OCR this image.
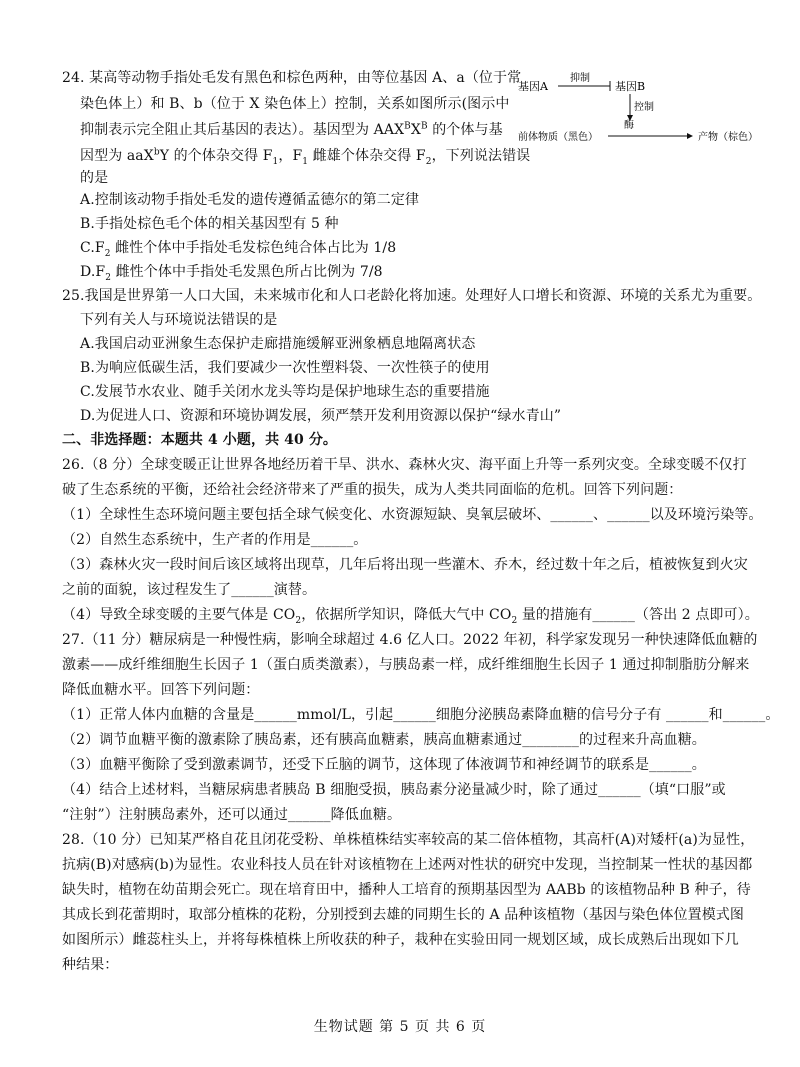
24. 某高等动物手指处毛发有黑色和棕色两种，由等位基因 A、a（位于常
染色体上）和 B、b（位于 X 染色体上）控制，关系如图所示(图示中
抑制表示完全阻止其后基因的表达）。基因型为 $AAX^BX^B$ 的个体与基
因型为 aaX$^b$Y 的个体杂交得 $F_1$，$F_1$ 雌雄个体杂交得 $F_2$，下列说法错误
的是
A.控制该动物手指处毛发的遗传遵循孟德尔的第二定律
B.手指处棕色毛个体的相关基因型有 5 种
$C.F_2$ 雌性个体中手指处毛发棕色纯合体占比为 1/8
$D.F_2$ 雌性个体中手指处毛发黑色所占比例为 7/8
基因A
抑制
基因B
控制
酶
前体物质（黑色）	产物（棕色）
25.我国是世界第一人口大国，未来城市化和人口老龄化将加速。处理好人口增长和资源、环境的关系尤为重要。
下列有关人与环境说法错误的是
A.我国启动亚洲象生态保护走廊措施缓解亚洲象栖息地隔离状态
B.为响应低碳生活，我们要减少一次性塑料袋、一次性筷子的使用
C.发展节水农业、随手关闭水龙头等均是保护地球生态的重要措施
D.为促进人口、资源和环境协调发展，须严禁开发利用资源以保护“绿水青山”
二、非选择题：本题共 4 小题，共 40 分。
26.（8 分）全球变暖正让世界各地经历着干旱、洪水、森林火灾、海平面上升等一系列灾变。全球变暖不仅打
破了生态系统的平衡，还给社会经济带来了严重的损失，成为人类共同面临的危机。回答下列问题：
（1）全球性生态环境问题主要包括全球气候变化、水资源短缺、臭氧层破坏、______、______以及环境污染等。
（2）自然生态系统中，生产者的作用是______。
（3）森林火灾一段时间后该区域将出现草，几年后将出现一些灌木、乔木，经过数十年之后，植被恢复到火灾
之前的面貌，该过程发生了______演替。
（4）导致全球变暖的主要气体是 $CO_2$，依据所学知识，降低大气中 $CO_2$ 量的措施有______（答出 2 点即可）。
27.（11 分）糖尿病是一种慢性病，影响全球超过 4.6 亿人口。2022 年初，科学家发现另一种快速降低血糖的
激素——成纤维细胞生长因子 1（蛋白质类激素），与胰岛素一样，成纤维细胞生长因子 1 通过抑制脂肪分解来
降低血糖水平。回答下列问题：
（1）正常人体内血糖的含量是______mmol/L，引起______细胞分泌胰岛素降血糖的信号分子有 ______和______。
（2）调节血糖平衡的激素除了胰岛素，还有胰高血糖素，胰高血糖素通过________的过程来升高血糖。
（3）血糖平衡除了受到激素调节，还受下丘脑的调节，这体现了体液调节和神经调节的联系是______。
（4）结合上述材料，当糖尿病患者胰岛 B 细胞受损，胰岛素分泌量减少时，除了通过______（填“口服”或
“注射”）注射胰岛素外，还可以通过______降低血糖。
28.（10 分）已知某严格自花且闭花受粉、单株植株结实率较高的某二倍体植物，其高杆(A)对矮杆(a)为显性，
抗病(B)对感病(b)为显性。农业科技人员在针对该植物在上述两对性状的研究中发现，当控制某一性状的基因都
缺失时，植物在幼苗期会死亡。现在培育田中，播种人工培育的预期基因型为 AABb 的该植物品种 B 种子，待
其成长到花蕾期时，取部分植株的花粉，分别授到去雄的同期生长的 A 品种该植物（基因与染色体位置模式图
如图所示）雌蕊柱头上，并将每株植株上所收获的种子，栽种在实验田同一规划区域，成长成熟后出现如下几
种结果：
生物试题 第 5 页 共 6 页
